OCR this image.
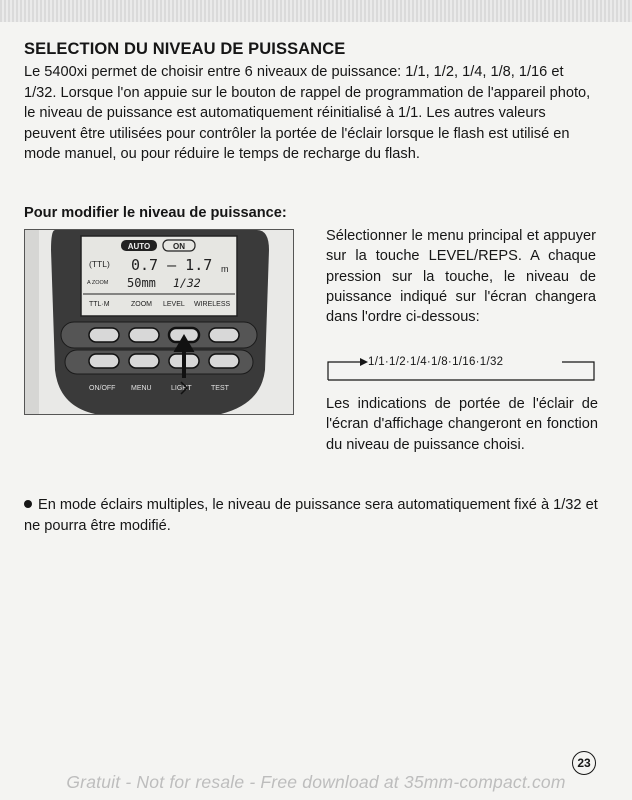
SELECTION DU NIVEAU DE PUISSANCE

Le 5400xi permet de choisir entre 6 niveaux de puissance: 1/1, 1/2, 1/4, 1/8, 1/16 et 1/32. Lorsque l'on appuie sur le bouton de rappel de programmation de l'appareil photo, le niveau de puissance est automatiquement réinitialisé à 1/1. Les autres valeurs peuvent être utilisées pour contrôler la portée de l'éclair lorsque le flash est utilisé en mode manuel, ou pour réduire le temps de recharge du flash.

Pour modifier le niveau de puissance:
AUTO	ON
(TTL) 0.7 – 1.7 m
A ZOOM 50mm 1/32
TTL·M	ZOOM LEVEL WIRELESS
ON/OFF MENU	LIGHT	TEST

Sélectionner le menu principal et appuyer sur la touche LEVEL/REPS. A chaque pression sur la touche, le niveau de puissance indiqué sur l'écran changera dans l'ordre ci-dessous:

1/1·1/2·1/4·1/8·1/16·1/32

Les indications de portée de l'éclair de l'écran d'affichage changeront en fonction du niveau de puissance choisi.

En mode éclairs multiples, le niveau de puissance sera automatiquement fixé à 1/32 et ne pourra être modifié.

23
Gratuit - Not for resale - Free download at 35mm-compact.com
